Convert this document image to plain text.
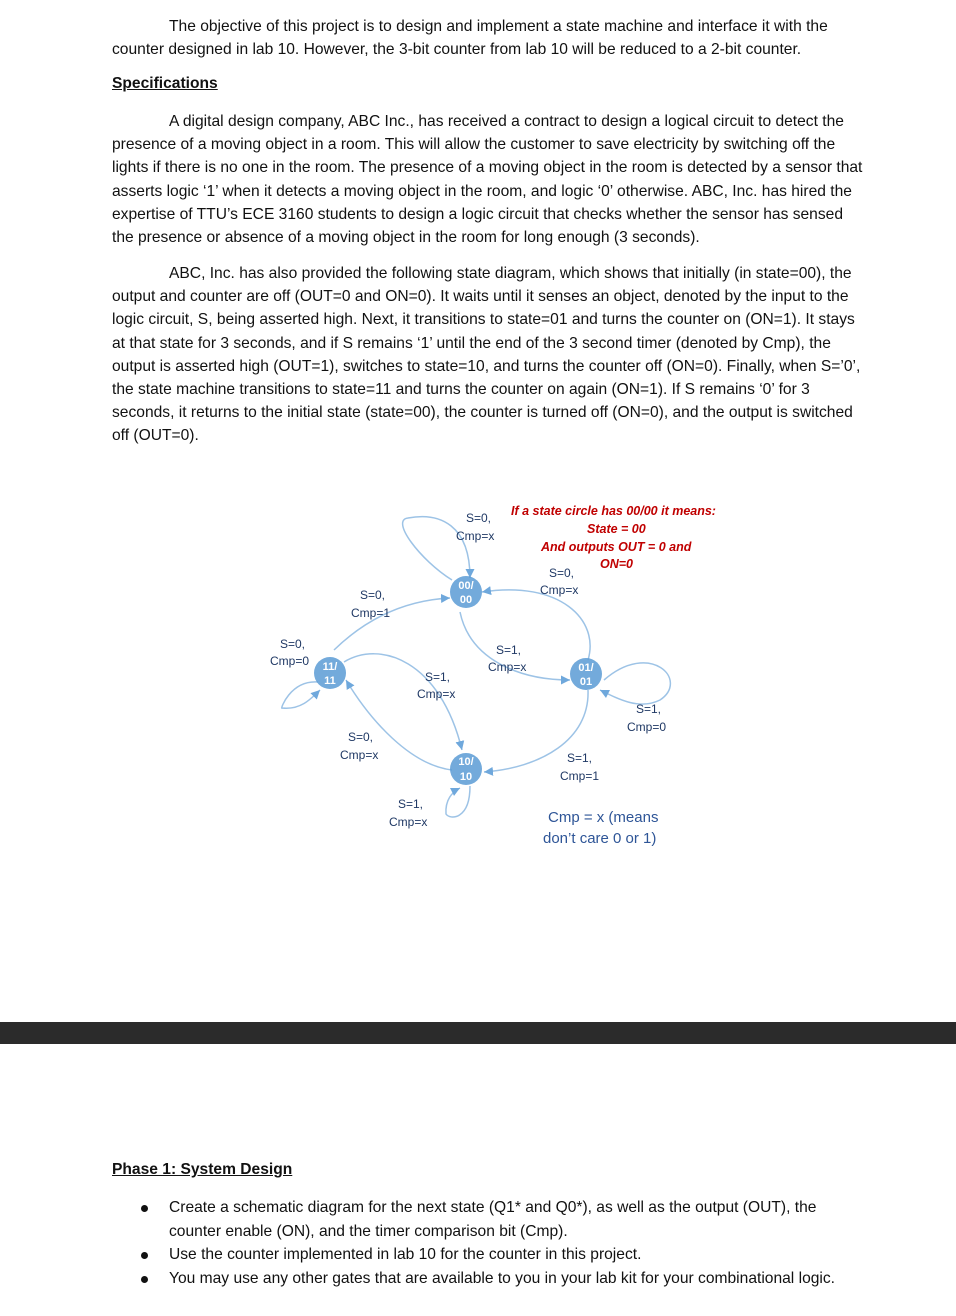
The objective of this project is to design and implement a state machine and interface it with the counter designed in lab 10. However, the 3-bit counter from lab 10 will be reduced to a 2-bit counter.

Specifications

A digital design company, ABC Inc., has received a contract to design a logical circuit to detect the presence of a moving object in a room. This will allow the customer to save electricity by switching off the lights if there is no one in the room. The presence of a moving object in the room is detected by a sensor that asserts logic ‘1’ when it detects a moving object in the room, and logic ‘0’ otherwise. ABC, Inc. has hired the expertise of TTU’s ECE 3160 students to design a logic circuit that checks whether the sensor has sensed the presence or absence of a moving object in the room for long enough (3 seconds).

ABC, Inc. has also provided the following state diagram, which shows that initially (in state=00), the output and counter are off (OUT=0 and ON=0). It waits until it senses an object, denoted by the input to the logic circuit, S, being asserted high. Next, it transitions to state=01 and turns the counter on (ON=1). It stays at that state for 3 seconds, and if S remains ‘1’ until the end of the 3 second timer (denoted by Cmp), the output is asserted high (OUT=1), switches to state=10, and turns the counter off (ON=0). Finally, when S=’0’, the state machine transitions to state=11 and turns the counter on again (ON=1). If S remains ‘0’ for 3 seconds, it returns to the initial state (state=00), the counter is turned off (ON=0), and the output is switched off (OUT=0).

00/
00
01/
01
10/
10
11/
11
S=0,
Cmp=x
S=1,
Cmp=x
S=0,
Cmp=x
S=1,
Cmp=0
S=1,
Cmp=1
S=1,
Cmp=x
S=0,
Cmp=x
S=1,
Cmp=x
S=0,
Cmp=0
S=0,
Cmp=1
If a state circle has 00/00 it means:
State = 00
And outputs OUT = 0 and
ON=0
Cmp = x (means
don’t care 0 or 1)

Phase 1: System Design

Create a schematic diagram for the next state (Q1* and Q0*), as well as the output (OUT), the counter enable (ON), and the timer comparison bit (Cmp).
Use the counter implemented in lab 10 for the counter in this project.
You may use any other gates that are available to you in your lab kit for your combinational logic.
